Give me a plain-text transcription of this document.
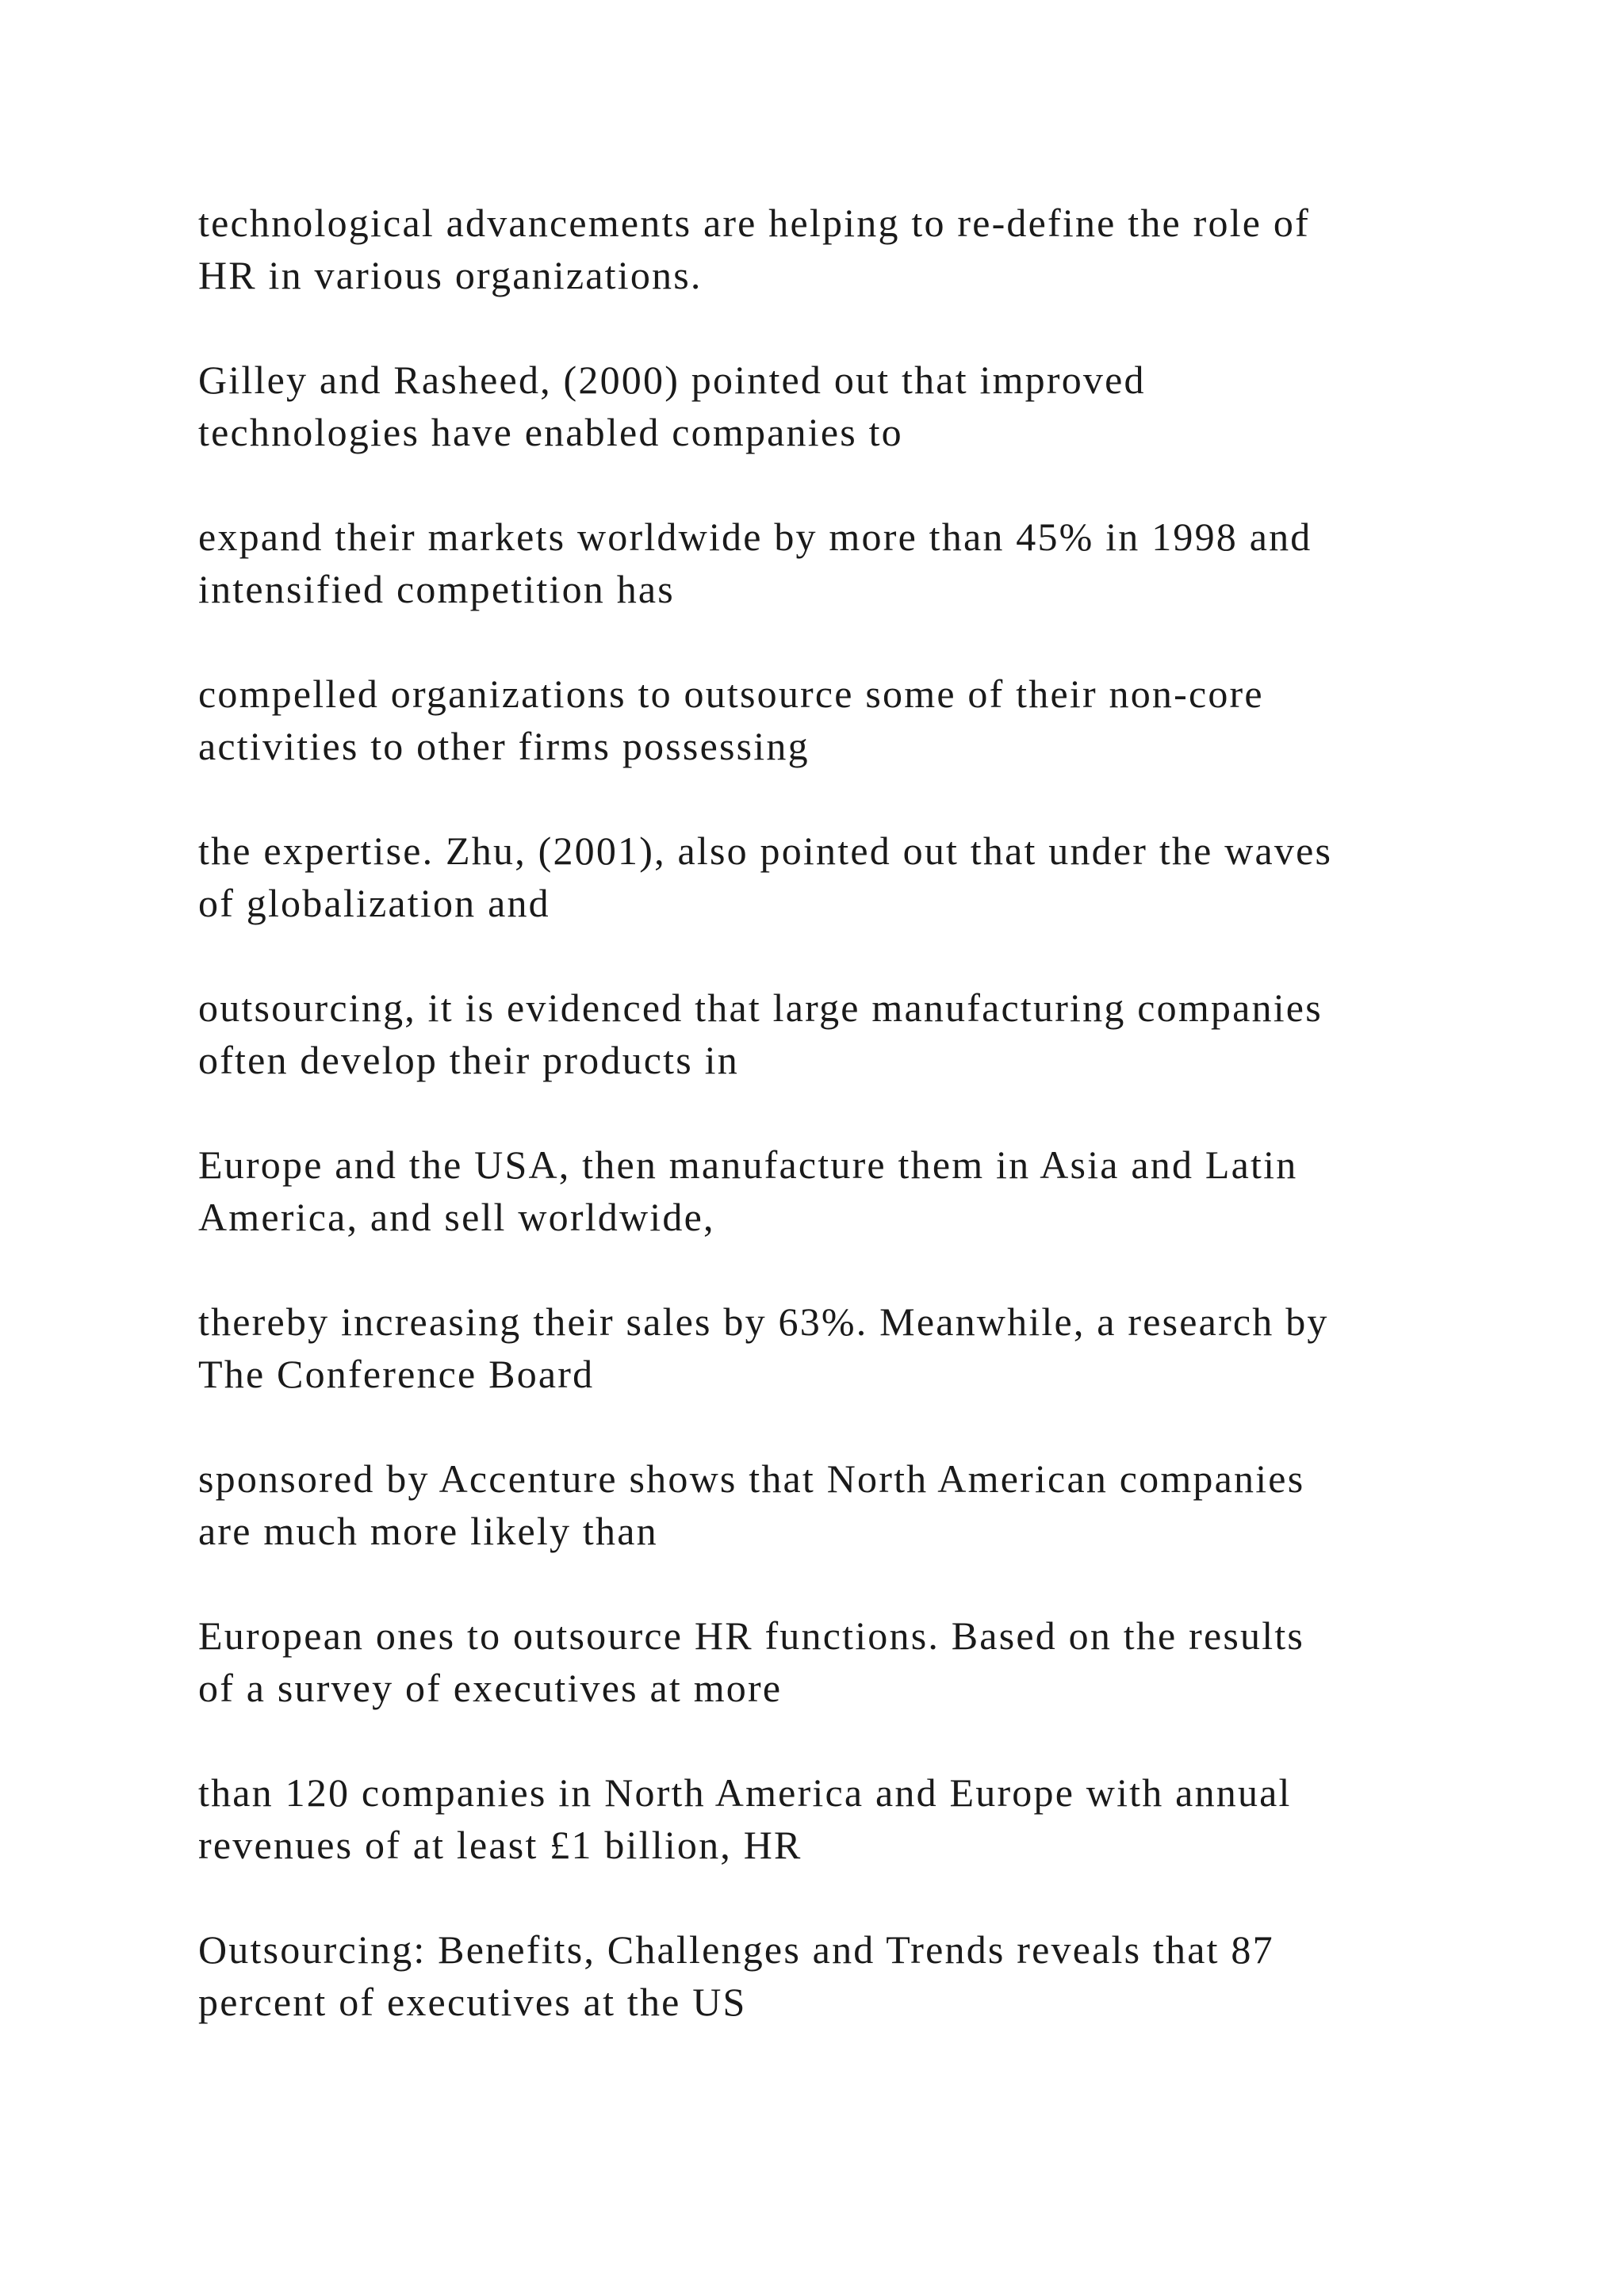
technological advancements are helping to re-define the role of
HR in various organizations.

Gilley and Rasheed, (2000) pointed out that improved
technologies have enabled companies to

expand their markets worldwide by more than 45% in 1998 and
intensified competition has

compelled organizations to outsource some of their non-core
activities to other firms possessing

the expertise. Zhu, (2001), also pointed out that under the waves
of globalization and

outsourcing, it is evidenced that large manufacturing companies
often develop their products in

Europe and the USA, then manufacture them in Asia and Latin
America, and sell worldwide,

thereby increasing their sales by 63%. Meanwhile, a research by
The Conference Board

sponsored by Accenture shows that North American companies
are much more likely than

European ones to outsource HR functions. Based on the results
of a survey of executives at more

than 120 companies in North America and Europe with annual
revenues of at least £1 billion, HR

Outsourcing: Benefits, Challenges and Trends reveals that 87
percent of executives at the US
